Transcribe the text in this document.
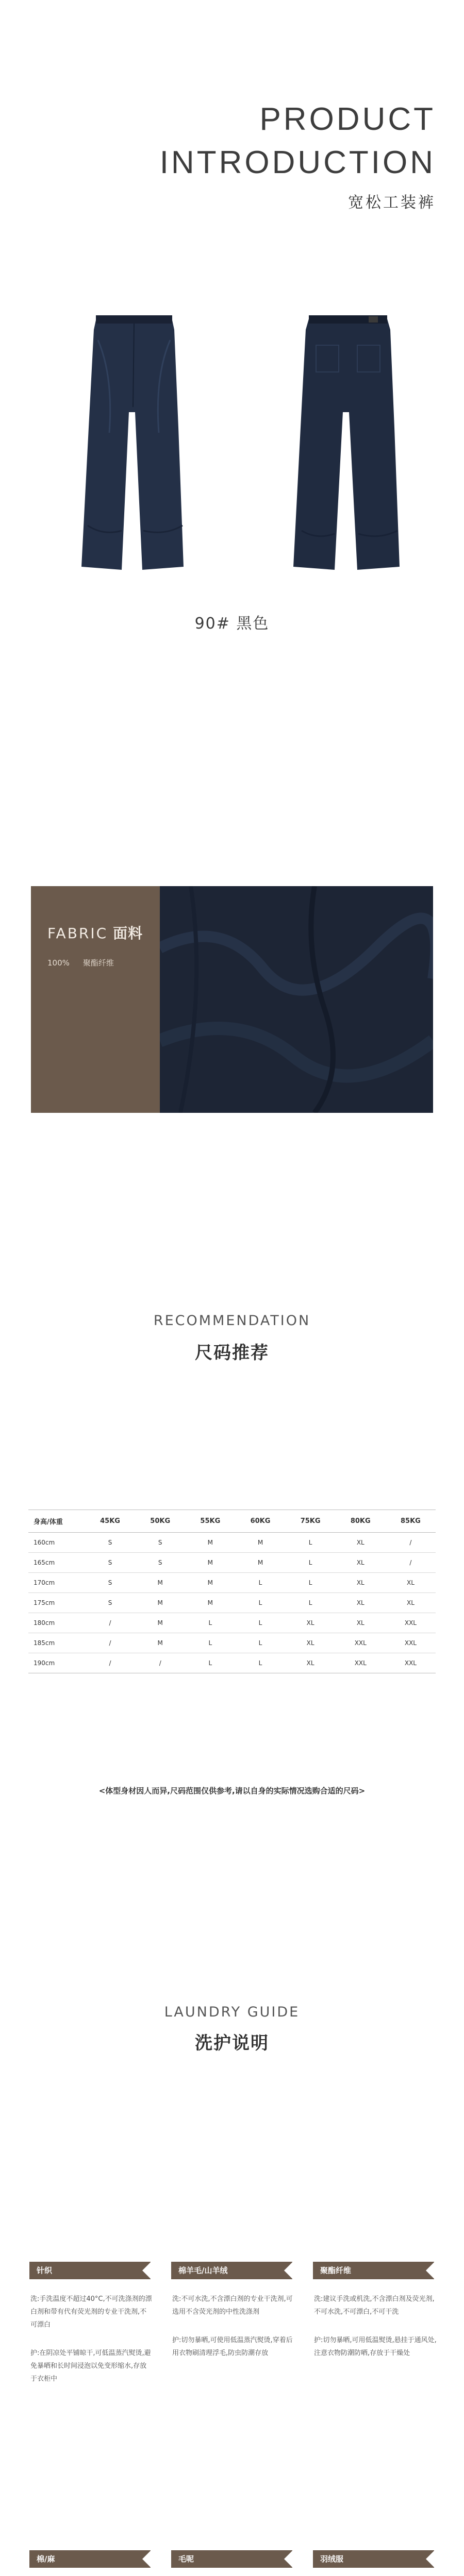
PRODUCT
INTRODUCTION
宽松工装裤
90# 黑色
FABRIC 面料
100% 聚酯纤维
RECOMMENDATION
尺码推荐
身高/体重	45KG	50KG	55KG	60KG	75KG	80KG	85KG
160cm	S	S	M	M	L	XL	/
165cm	S	S	M	M	L	XL	/
170cm	S	M	M	L	L	XL	XL
175cm	S	M	M	L	L	XL	XL
180cm	/	M	L	L	XL	XL	XXL
185cm	/	M	L	L	XL	XXL	XXL
190cm	/	/	L	L	XL	XXL	XXL
<体型身材因人而异,尺码范围仅供参考,请以自身的实际情况选购合适的尺码>
LAUNDRY GUIDE
洗护说明
针织

洗:手洗温度不超过40°C,不可洗涤剂的漂白剂和带有代有荧光剂的专业干洗剂,不可漂白

护:在阴凉处平铺晾干,可低温蒸汽熨烫,避免暴晒和长时间浸泡以免变形缩水,存放于衣柜中

棉羊毛/山羊绒

洗:不可水洗,不含漂白剂的专业干洗剂,可选用不含荧光剂的中性洗涤剂

护:切勿暴晒,可使用低温蒸汽熨烫,穿着后用衣物刷清理浮毛,防虫防潮存放

聚酯纤维

洗:建议手洗或机洗,不含漂白剂及荧光剂,不可水洗,不可漂白,不可干洗

护:切勿暴晒,可用低温熨烫,悬挂于通风处,注意衣物防潮防晒,存放于干燥处

棉/麻	毛呢	羽绒服
